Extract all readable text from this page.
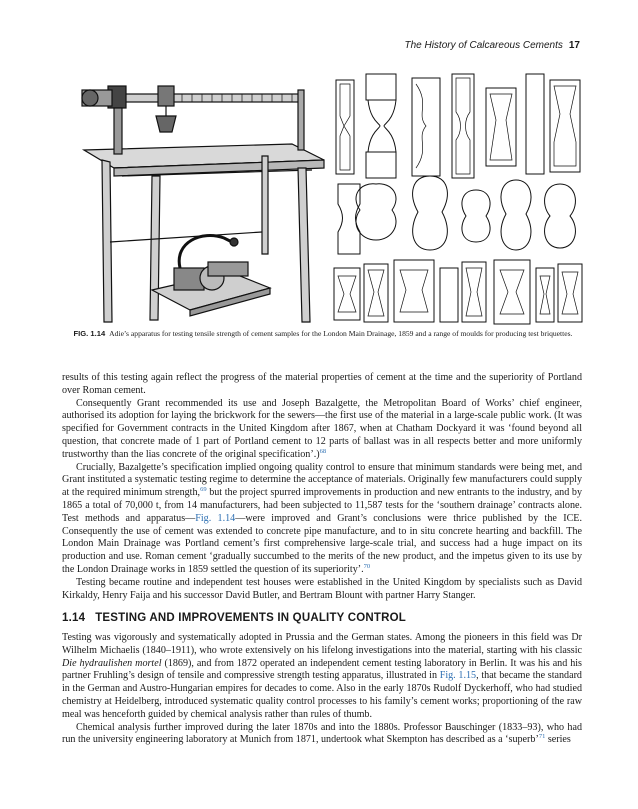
The History of Calcareous Cements 17
FIG. 1.14 Adie’s apparatus for testing tensile strength of cement samples for the London Main Drainage, 1859 and a range of moulds for producing test briquettes.

results of this testing again reflect the progress of the material properties of cement at the time and the superiority of Portland over Roman cement.

Consequently Grant recommended its use and Joseph Bazalgette, the Metropolitan Board of Works’ chief engineer, authorised its adoption for laying the brickwork for the sewers—the first use of the material in a large-scale public work. (It was specified for Government contracts in the United Kingdom after 1867, when at Chatham Dockyard it was ‘found beyond all question, that concrete made of 1 part of Portland cement to 12 parts of ballast was in all respects better and more uniformly trustworthy than the lias concrete of the original specification’.)$^{68}$

Crucially, Bazalgette’s specification implied ongoing quality control to ensure that minimum standards were being met, and Grant instituted a systematic testing regime to determine the acceptance of materials. Originally few manufacturers could supply at the required minimum strength,$^{69}$ but the project spurred improvements in production and new entrants to the industry, and by 1865 a total of 70,000 t, from 14 manufacturers, had been subjected to 11,587 tests for the ‘southern drainage’ contracts alone. Test methods and apparatus—Fig. 1.14—were improved and Grant’s conclusions were thrice published by the ICE. Consequently the use of cement was extended to concrete pipe manufacture, and to in situ concrete hearting and backfill. The London Main Drainage was Portland cement’s first comprehensive large-scale trial, and success had a huge impact on its production and use. Roman cement ‘gradually succumbed to the merits of the new product, and the impetus given to its use by the London Drainage works in 1859 settled the question of its superiority’.$^{70}$

Testing became routine and independent test houses were established in the United Kingdom by specialists such as David Kirkaldy, Henry Faija and his successor David Butler, and Bertram Blount with partner Harry Stanger.

1.14 TESTING AND IMPROVEMENTS IN QUALITY CONTROL

Testing was vigorously and systematically adopted in Prussia and the German states. Among the pioneers in this field was Dr Wilhelm Michaelis (1840–1911), who wrote extensively on his lifelong investigations into the material, starting with his classic Die hydraulishen mortel (1869), and from 1872 operated an independent cement testing laboratory in Berlin. It was his and his partner Fruhling’s design of tensile and compressive strength testing apparatus, illustrated in Fig. 1.15, that became the standard in the German and Austro-Hungarian empires for decades to come. Also in the early 1870s Rudolf Dyckerhoff, who had studied chemistry at Heidelberg, introduced systematic quality control processes to his family’s cement works; proportioning of the raw meal was henceforth guided by chemical analysis rather than rules of thumb.

Chemical analysis further improved during the later 1870s and into the 1880s. Professor Bauschinger (1833–93), who had run the university engineering laboratory at Munich from 1871, undertook what Skempton has described as a ‘superb’$^{71}$ series
